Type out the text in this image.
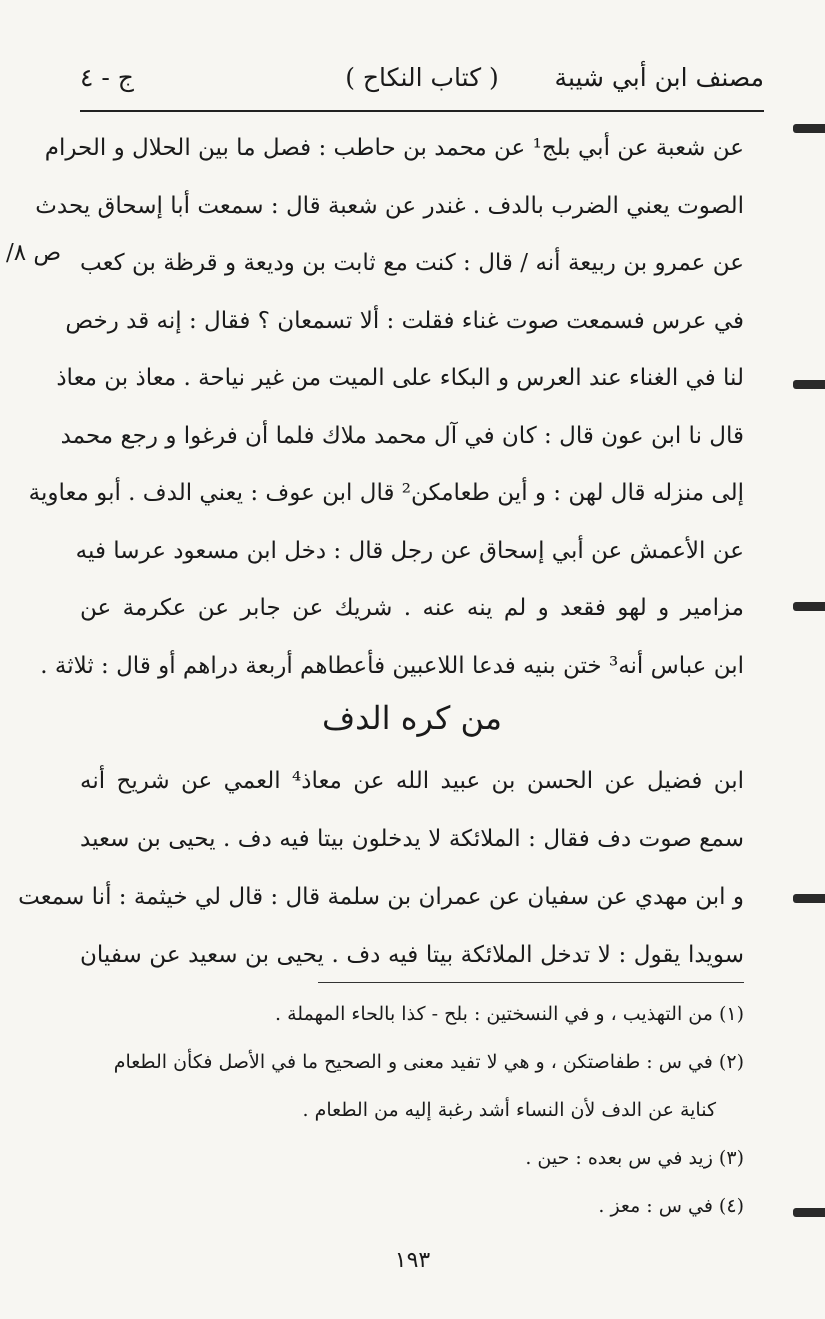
مصنف ابن أبي شيبة
( كتاب النكاح )
ج - ٤
ص ٨/
عن شعبة عن أبي بلج¹ عن محمد بن حاطب : فصل ما بين الحلال و الحرام
الصوت يعني الضرب بالدف . غندر عن شعبة قال : سمعت أبا إسحاق يحدث
عن عمرو بن ربيعة أنه / قال : كنت مع ثابت بن وديعة و قرظة بن كعب
في عرس فسمعت صوت غناء فقلت : ألا تسمعان ؟ فقال : إنه قد رخص
لنا في الغناء عند العرس و البكاء على الميت من غير نياحة . معاذ بن معاذ
قال نا ابن عون قال : كان في آل محمد ملاك فلما أن فرغوا و رجع محمد
إلى منزله قال لهن : و أين طعامكن² قال ابن عوف : يعني الدف . أبو معاوية
عن الأعمش عن أبي إسحاق عن رجل قال : دخل ابن مسعود عرسا فيه
مزامير و لهو فقعد و لم ينه عنه . شريك عن جابر عن عكرمة عن
ابن عباس أنه³ ختن بنيه فدعا اللاعبين فأعطاهم أربعة دراهم أو قال : ثلاثة .
من كره الدف
ابن فضيل عن الحسن بن عبيد الله عن معاذ⁴ العمي عن شريح أنه
سمع صوت دف فقال : الملائكة لا يدخلون بيتا فيه دف . يحيى بن سعيد
و ابن مهدي عن سفيان عن عمران بن سلمة قال : قال لي خيثمة : أنا سمعت
سويدا يقول : لا تدخل الملائكة بيتا فيه دف . يحيى بن سعيد عن سفيان
(١) من التهذيب ، و في النسختين : بلح - كذا بالحاء المهملة .
(٢) في س : طفاصتكن ، و هي لا تفيد معنى و الصحيح ما في الأصل فكأن الطعام
كناية عن الدف لأن النساء أشد رغبة إليه من الطعام .
(٣) زيد في س بعده : حين .
(٤) في س : معز .
١٩٣
